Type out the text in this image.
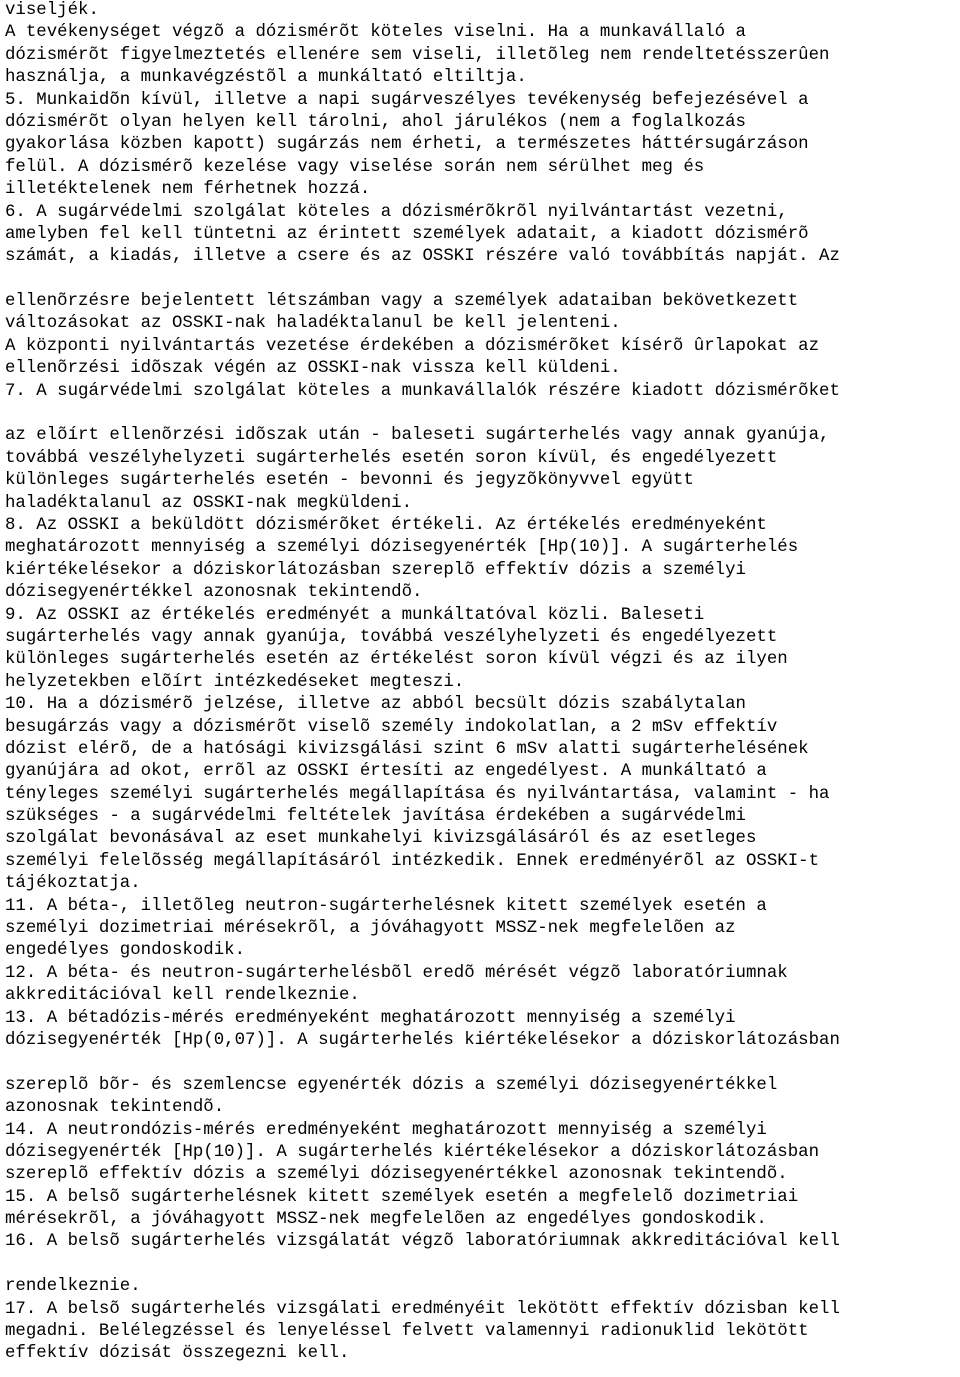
viseljék.
A tevékenységet végzõ a dózismérõt köteles viselni. Ha a munkavállaló a
dózismérõt figyelmeztetés ellenére sem viseli, illetõleg nem rendeltetésszerûen
használja, a munkavégzéstõl a munkáltató eltiltja.
5. Munkaidõn kívül, illetve a napi sugárveszélyes tevékenység befejezésével a
dózismérõt olyan helyen kell tárolni, ahol járulékos (nem a foglalkozás
gyakorlása közben kapott) sugárzás nem érheti, a természetes háttérsugárzáson
felül. A dózismérõ kezelése vagy viselése során nem sérülhet meg és
illetéktelenek nem férhetnek hozzá.
6. A sugárvédelmi szolgálat köteles a dózismérõkrõl nyilvántartást vezetni,
amelyben fel kell tüntetni az érintett személyek adatait, a kiadott dózismérõ
számát, a kiadás, illetve a csere és az OSSKI részére való továbbítás napját. Az
ellenõrzésre bejelentett létszámban vagy a személyek adataiban bekövetkezett
változásokat az OSSKI-nak haladéktalanul be kell jelenteni.
A központi nyilvántartás vezetése érdekében a dózismérõket kísérõ ûrlapokat az
ellenõrzési idõszak végén az OSSKI-nak vissza kell küldeni.
7. A sugárvédelmi szolgálat köteles a munkavállalók részére kiadott dózismérõket
az elõírt ellenõrzési idõszak után - baleseti sugárterhelés vagy annak gyanúja,
továbbá veszélyhelyzeti sugárterhelés esetén soron kívül, és engedélyezett
különleges sugárterhelés esetén - bevonni és jegyzõkönyvvel együtt
haladéktalanul az OSSKI-nak megküldeni.
8. Az OSSKI a beküldött dózismérõket értékeli. Az értékelés eredményeként
meghatározott mennyiség a személyi dózisegyenérték [Hp(10)]. A sugárterhelés
kiértékelésekor a dóziskorlátozásban szereplõ effektív dózis a személyi
dózisegyenértékkel azonosnak tekintendõ.
9. Az OSSKI az értékelés eredményét a munkáltatóval közli. Baleseti
sugárterhelés vagy annak gyanúja, továbbá veszélyhelyzeti és engedélyezett
különleges sugárterhelés esetén az értékelést soron kívül végzi és az ilyen
helyzetekben elõírt intézkedéseket megteszi.
10. Ha a dózismérõ jelzése, illetve az abból becsült dózis szabálytalan
besugárzás vagy a dózismérõt viselõ személy indokolatlan, a 2 mSv effektív
dózist elérõ, de a hatósági kivizsgálási szint 6 mSv alatti sugárterhelésének
gyanújára ad okot, errõl az OSSKI értesíti az engedélyest. A munkáltató a
tényleges személyi sugárterhelés megállapítása és nyilvántartása, valamint - ha
szükséges - a sugárvédelmi feltételek javítása érdekében a sugárvédelmi
szolgálat bevonásával az eset munkahelyi kivizsgálásáról és az esetleges
személyi felelõsség megállapításáról intézkedik. Ennek eredményérõl az OSSKI-t
tájékoztatja.
11. A béta-, illetõleg neutron-sugárterhelésnek kitett személyek esetén a
személyi dozimetriai mérésekrõl, a jóváhagyott MSSZ-nek megfelelõen az
engedélyes gondoskodik.
12. A béta- és neutron-sugárterhelésbõl eredõ mérését végzõ laboratóriumnak
akkreditációval kell rendelkeznie.
13. A bétadózis-mérés eredményeként meghatározott mennyiség a személyi
dózisegyenérték [Hp(0,07)]. A sugárterhelés kiértékelésekor a dóziskorlátozásban
szereplõ bõr- és szemlencse egyenérték dózis a személyi dózisegyenértékkel
azonosnak tekintendõ.
14. A neutrondózis-mérés eredményeként meghatározott mennyiség a személyi
dózisegyenérték [Hp(10)]. A sugárterhelés kiértékelésekor a dóziskorlátozásban
szereplõ effektív dózis a személyi dózisegyenértékkel azonosnak tekintendõ.
15. A belsõ sugárterhelésnek kitett személyek esetén a megfelelõ dozimetriai
mérésekrõl, a jóváhagyott MSSZ-nek megfelelõen az engedélyes gondoskodik.
16. A belsõ sugárterhelés vizsgálatát végzõ laboratóriumnak akkreditációval kell
rendelkeznie.
17. A belsõ sugárterhelés vizsgálati eredményéit lekötött effektív dózisban kell
megadni. Belélegzéssel és lenyeléssel felvett valamennyi radionuklid lekötött
effektív dózisát összegezni kell.
